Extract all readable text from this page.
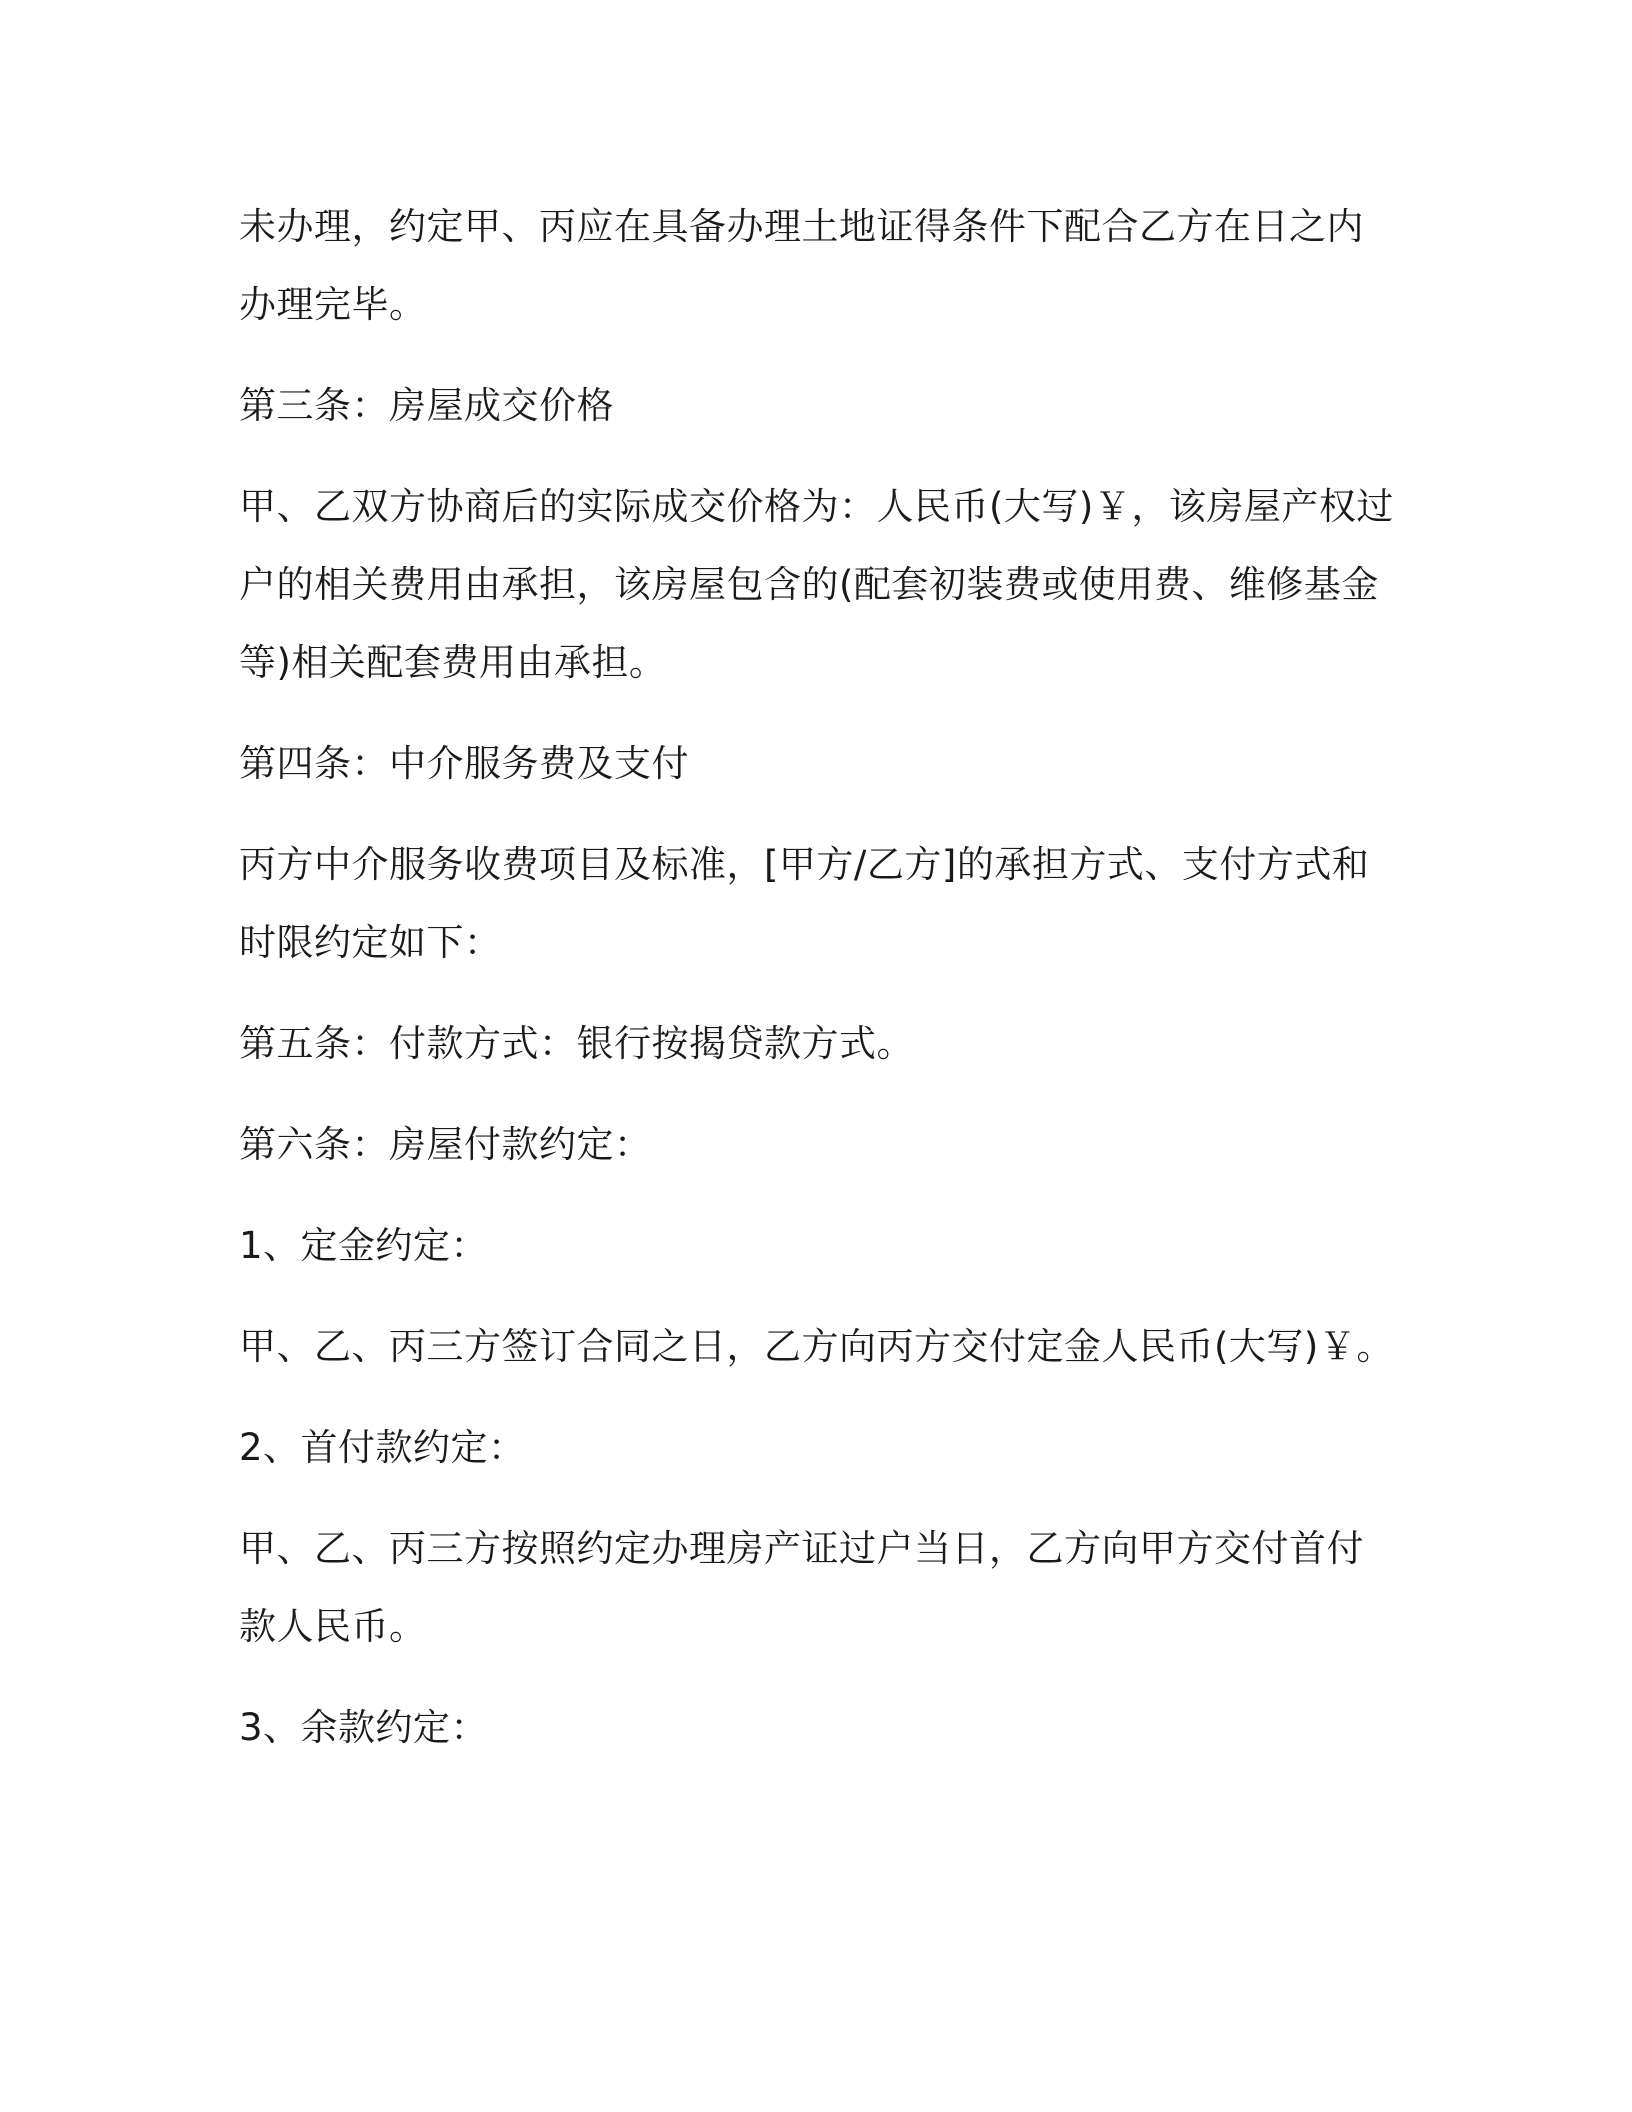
未办理，约定甲、丙应在具备办理土地证得条件下配合乙方在日之内办理完毕。

第三条：房屋成交价格

甲、乙双方协商后的实际成交价格为：人民币(大写)￥，该房屋产权过户的相关费用由承担，该房屋包含的(配套初装费或使用费、维修基金等)相关配套费用由承担。

第四条：中介服务费及支付

丙方中介服务收费项目及标准，[甲方/乙方]的承担方式、支付方式和时限约定如下：

第五条：付款方式：银行按揭贷款方式。

第六条：房屋付款约定：

1、定金约定：

甲、乙、丙三方签订合同之日，乙方向丙方交付定金人民币(大写)￥。

2、首付款约定：

甲、乙、丙三方按照约定办理房产证过户当日，乙方向甲方交付首付款人民币。

3、余款约定：
